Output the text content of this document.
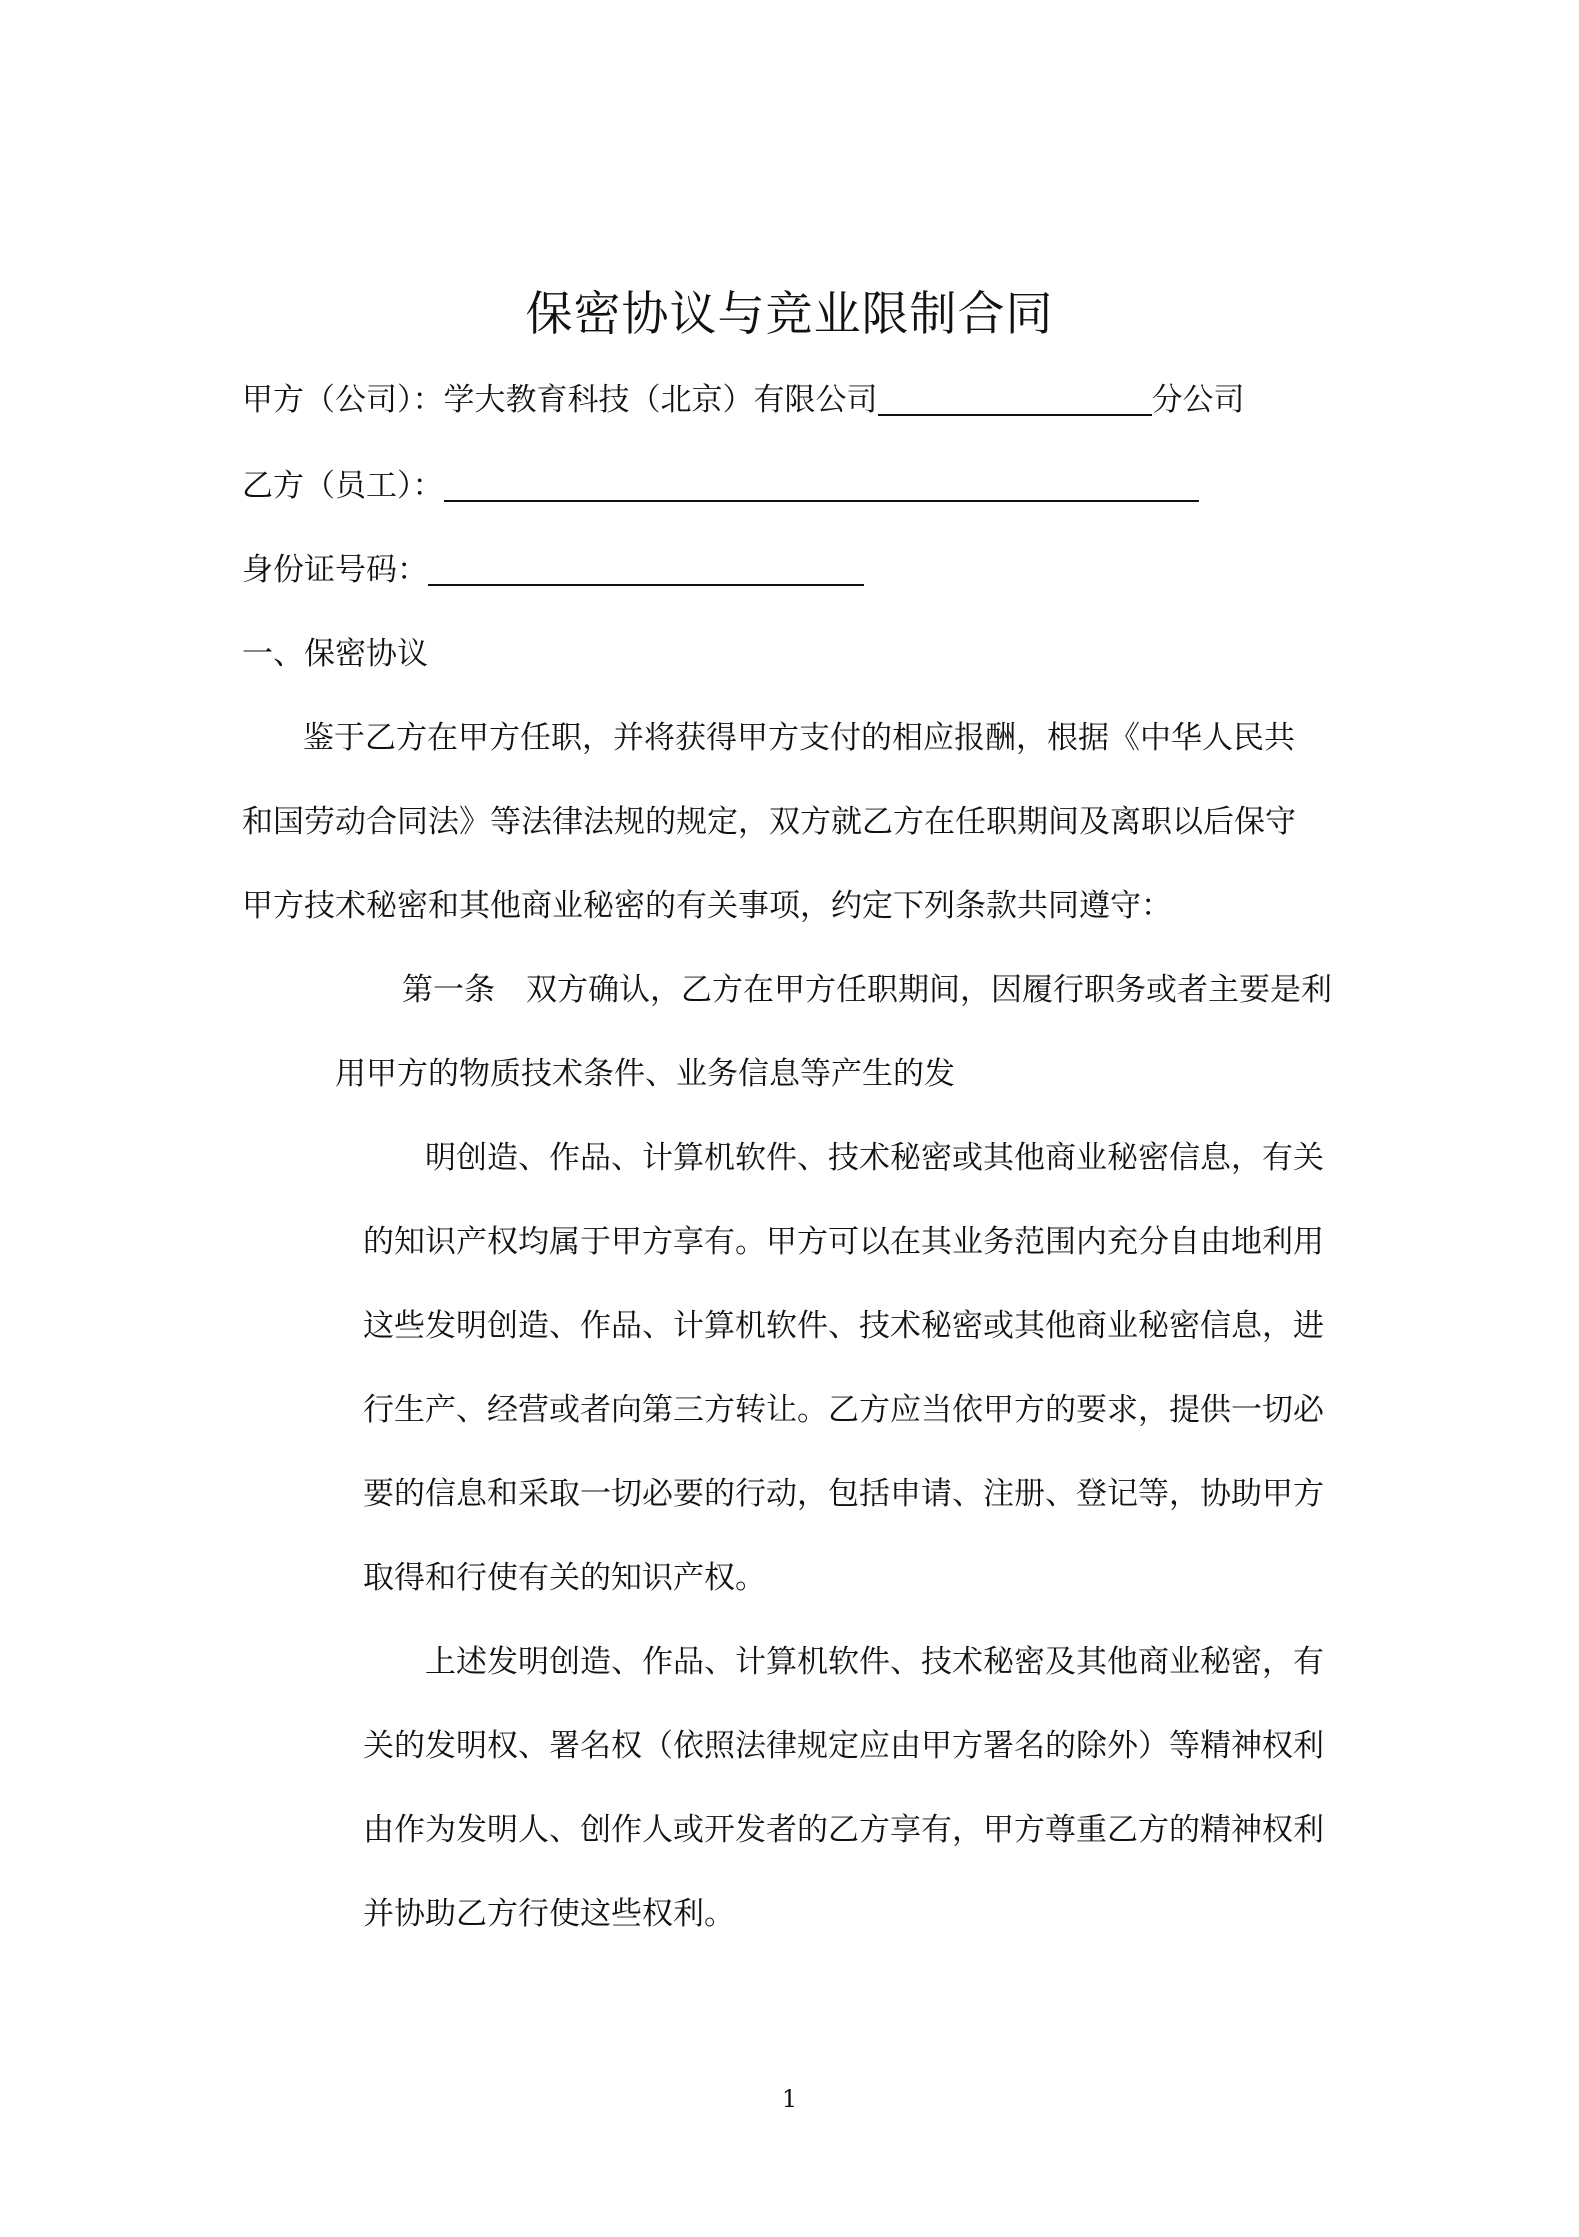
保密协议与竞业限制合同
甲方（公司）：学大教育科技（北京）有限公司	分公司
乙方（员工）：
身份证号码：
一、保密协议
鉴于乙方在甲方任职，并将获得甲方支付的相应报酬，根据《中华人民共
和国劳动合同法》等法律法规的规定，双方就乙方在任职期间及离职以后保守
甲方技术秘密和其他商业秘密的有关事项，约定下列条款共同遵守：
第一条　双方确认，乙方在甲方任职期间，因履行职务或者主要是利
用甲方的物质技术条件、业务信息等产生的发
明创造、作品、计算机软件、技术秘密或其他商业秘密信息，有关
的知识产权均属于甲方享有。甲方可以在其业务范围内充分自由地利用
这些发明创造、作品、计算机软件、技术秘密或其他商业秘密信息，进
行生产、经营或者向第三方转让。乙方应当依甲方的要求，提供一切必
要的信息和采取一切必要的行动，包括申请、注册、登记等，协助甲方
取得和行使有关的知识产权。
上述发明创造、作品、计算机软件、技术秘密及其他商业秘密，有
关的发明权、署名权（依照法律规定应由甲方署名的除外）等精神权利
由作为发明人、创作人或开发者的乙方享有，甲方尊重乙方的精神权利
并协助乙方行使这些权利。
1
